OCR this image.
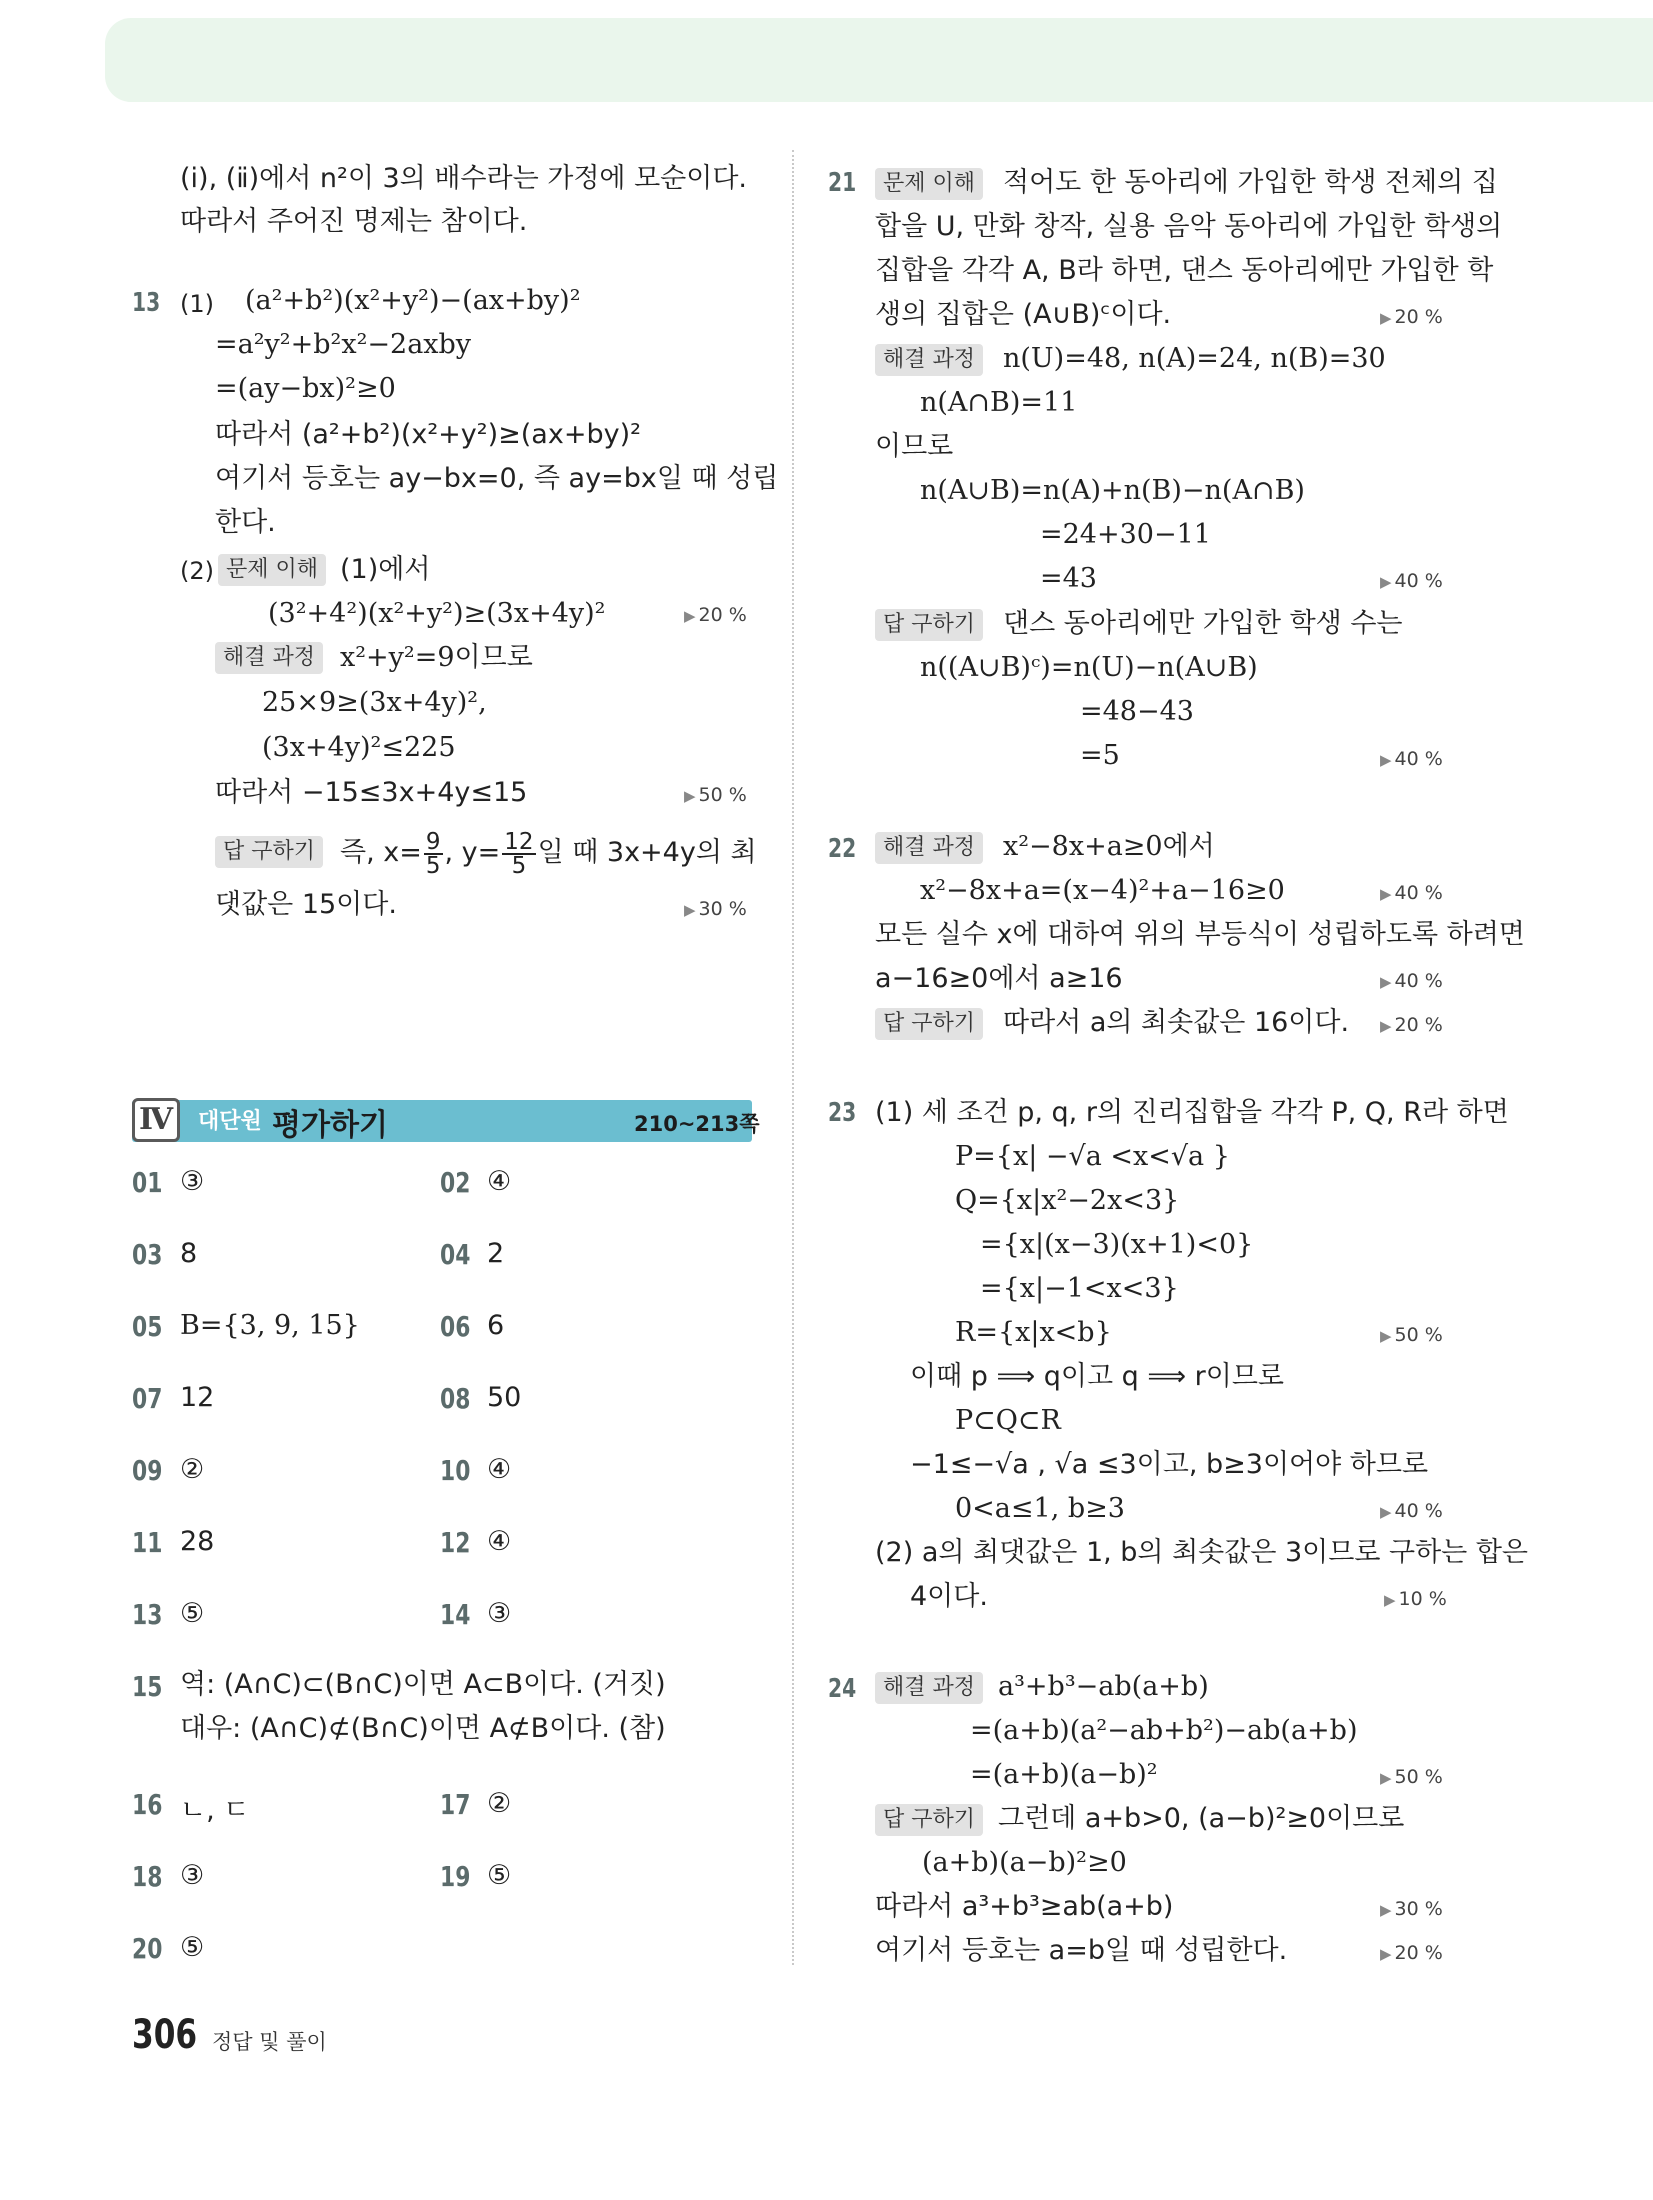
(ⅰ), (ⅱ)에서 n²이 3의 배수라는 가정에 모순이다.
따라서 주어진 명제는 참이다.
13 (1) (a²+b²)(x²+y²)−(ax+by)²
=a²y²+b²x²−2axby
=(ay−bx)²≥0
따라서 (a²+b²)(x²+y²)≥(ax+by)²
여기서 등호는 ay−bx=0, 즉 ay=bx일 때 성립
한다.
(2) 문제 이해 (1)에서
(3²+4²)(x²+y²)≥(3x+4y)²	▶ 20 %
해결 과정 x²+y²=9이므로
25×9≥(3x+4y)²,
(3x+4y)²≤225
따라서 −15≤3x+4y≤15	▶ 50 %
답 구하기 즉, $x= \frac{9}{5}$ , $y= \frac{12}{5}$ 일 때 3x+4y의 최
댓값은 15이다.	▶ 30 %
Ⅳ	대단원 평가하기	210~213쪽
01 ③	02 ④
03 8	04 2
05 B={3, 9, 15}	06 6
07 12	08 50
09 ②	10 ④
11 28	12 ④
13 ⑤	14 ③
15 역: (A∩C)⊂(B∩C)이면 A⊂B이다. (거짓)
대우: (A∩C)⊄(B∩C)이면 A⊄B이다. (참)
16 ㄴ, ㄷ	17 ②
18 ③	19 ⑤
20 ⑤
21	문제 이해 적어도 한 동아리에 가입한 학생 전체의 집
합을 U, 만화 창작, 실용 음악 동아리에 가입한 학생의
집합을 각각 A, B라 하면, 댄스 동아리에만 가입한 학
생의 집합은 (A∪B)ᶜ이다.	▶ 20 %
해결 과정 n(U)=48, n(A)=24, n(B)=30
n(A∩B)=11
이므로
n(A∪B)=n(A)+n(B)−n(A∩B)
=24+30−11
=43	▶ 40 %
답 구하기 댄스 동아리에만 가입한 학생 수는
n((A∪B)ᶜ)=n(U)−n(A∪B)
=48−43
=5	▶ 40 %
22	해결 과정 x²−8x+a≥0에서
x²−8x+a=(x−4)²+a−16≥0	▶ 40 %
모든 실수 x에 대하여 위의 부등식이 성립하도록 하려면
a−16≥0에서 a≥16	▶ 40 %
답 구하기 따라서 a의 최솟값은 16이다. ▶ 20 %
23 (1) 세 조건 p, q, r의 진리집합을 각각 P, Q, R라 하면
P={x| −√a <x<√a }
Q={x|x²−2x<3}
={x|(x−3)(x+1)<0}
={x|−1<x<3}
R={x|x<b}	▶ 50 %
이때 p ⟹ q이고 q ⟹ r이므로
P⊂Q⊂R
−1≤−√a , √a ≤3이고, b≥3이어야 하므로
0<a≤1, b≥3	▶ 40 %
(2) a의 최댓값은 1, b의 최솟값은 3이므로 구하는 합은
4이다.	▶ 10 %
24	해결 과정 a³+b³−ab(a+b)
=(a+b)(a²−ab+b²)−ab(a+b)
=(a+b)(a−b)²	▶ 50 %
답 구하기 그런데 a+b>0, (a−b)²≥0이므로
(a+b)(a−b)²≥0
따라서 a³+b³≥ab(a+b)	▶ 30 %
여기서 등호는 a=b일 때 성립한다.	▶ 20 %
306 정답 및 풀이
